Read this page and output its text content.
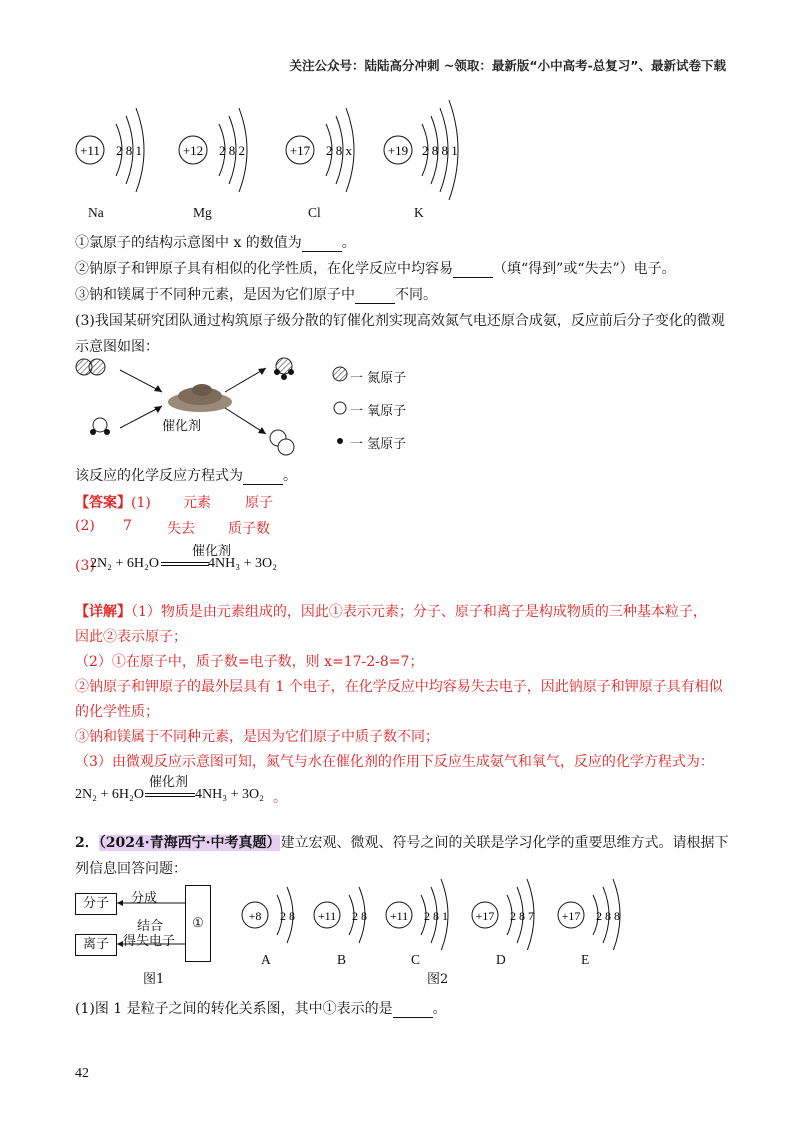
关注公众号：陆陆高分冲刺 ~领取：最新版“小中高考-总复习”、最新试卷下载
+11 2 8 1	+12 2 8 2	+17 2 8 x	+19 2 8 8 1
Na	Mg	Cl	K
①氯原子的结构示意图中 x 的数值为	。
②钠原子和钾原子具有相似的化学性质，在化学反应中均容易	（填“得到”或“失去”）电子。
③钠和镁属于不同种元素，是因为它们原子中	不同。
(3)我国某研究团队通过构筑原子级分散的钌催化剂实现高效氮气电还原合成氨，反应前后分子变化的微观
示意图如图：
催化剂
一 氮原子
一 氧原子
一 氢原子
该反应的化学反应方程式为	。
【答案】(1) 元素 原子
(2) 7	失去 质子数
(3)
2N₂ + 6H₂O
催化剂
4NH₃ + 3O₂
【详解】（1）物质是由元素组成的，因此①表示元素；分子、原子和离子是构成物质的三种基本粒子，
因此②表示原子；
（2）①在原子中，质子数=电子数，则 x=17-2-8=7；
②钠原子和钾原子的最外层具有 1 个电子，在化学反应中均容易失去电子，因此钠原子和钾原子具有相似
的化学性质；
③钠和镁属于不同种元素，是因为它们原子中质子数不同；
（3）由微观反应示意图可知，氮气与水在催化剂的作用下反应生成氨气和氧气，反应的化学方程式为：
2N₂ + 6H₂O
催化剂
4NH₃ + 3O₂ 。
2．（2024·青海西宁·中考真题）建立宏观、微观、符号之间的关联是学习化学的重要思维方式。请根据下
列信息回答问题：
分子
离子
①
分成
结合
得失电子
图1
+8 2 8 +11 2 8 +11 2 8 1 +17 2 8 7 +17 2 8 8
A	B	C	D	E
图2
(1)图 1 是粒子之间的转化关系图，其中①表示的是	。
42
